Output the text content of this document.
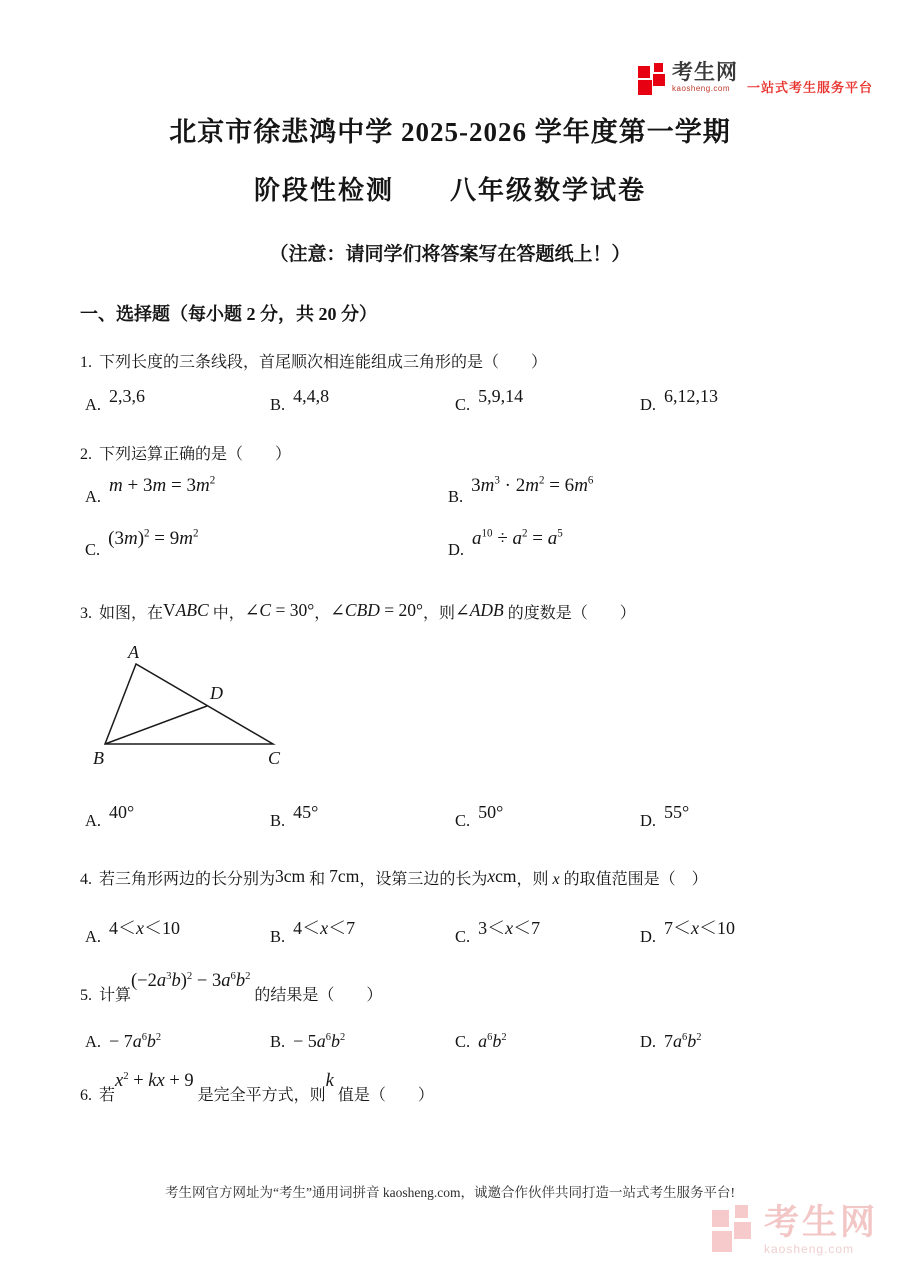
考生网
kaosheng.com	一站式考生服务平台
北京市徐悲鸿中学 2025-2026 学年度第一学期
阶段性检测　　八年级数学试卷
（注意：请同学们将答案写在答题纸上！）
一、选择题（每小题 2 分，共 20 分）
1. 下列长度的三条线段，首尾顺次相连能组成三角形的是（　　）
A. 2,3,6	B. 4,4,8	C. 5,9,14	D. 6,12,13
2. 下列运算正确的是（　　）
$A.m + 3m = 3m^2$
$B.3m^3 \cdot 2m^2 = 6m^6$
$C.(3m)^2 = 9m^2$
$D.a^{10} \div a^2 = a^5$
3. 如图，在VABC 中，∠C = 30°，∠CBD = 20°，则∠ADB 的度数是（　　）
A
B	C
D
A. 40°	B. 45°	C. 50°	D. 55°
4. 若三角形两边的长分别为3cm 和 7cm，设第三边的长为xcm，则 x 的取值范围是（　）
A. 4＜x＜10	B. 4＜x＜7	C. 3＜x＜7	D. 7＜x＜10
5. 计算$(-2a^3b)^2 - 3a^6b^2$ 的结果是（　　）
A. − $7a^6b^2$	B. − $5a^6b^2$	C. $a^6b^2$	D. $7a^6b^2$
6. 若$x^2$ + kx + 9 是完全平方式，则k 值是（　　）
考生网官方网址为“考生”通用词拼音 kaosheng.com，诚邀合作伙伴共同打造一站式考生服务平台!
考生网
kaosheng.com
